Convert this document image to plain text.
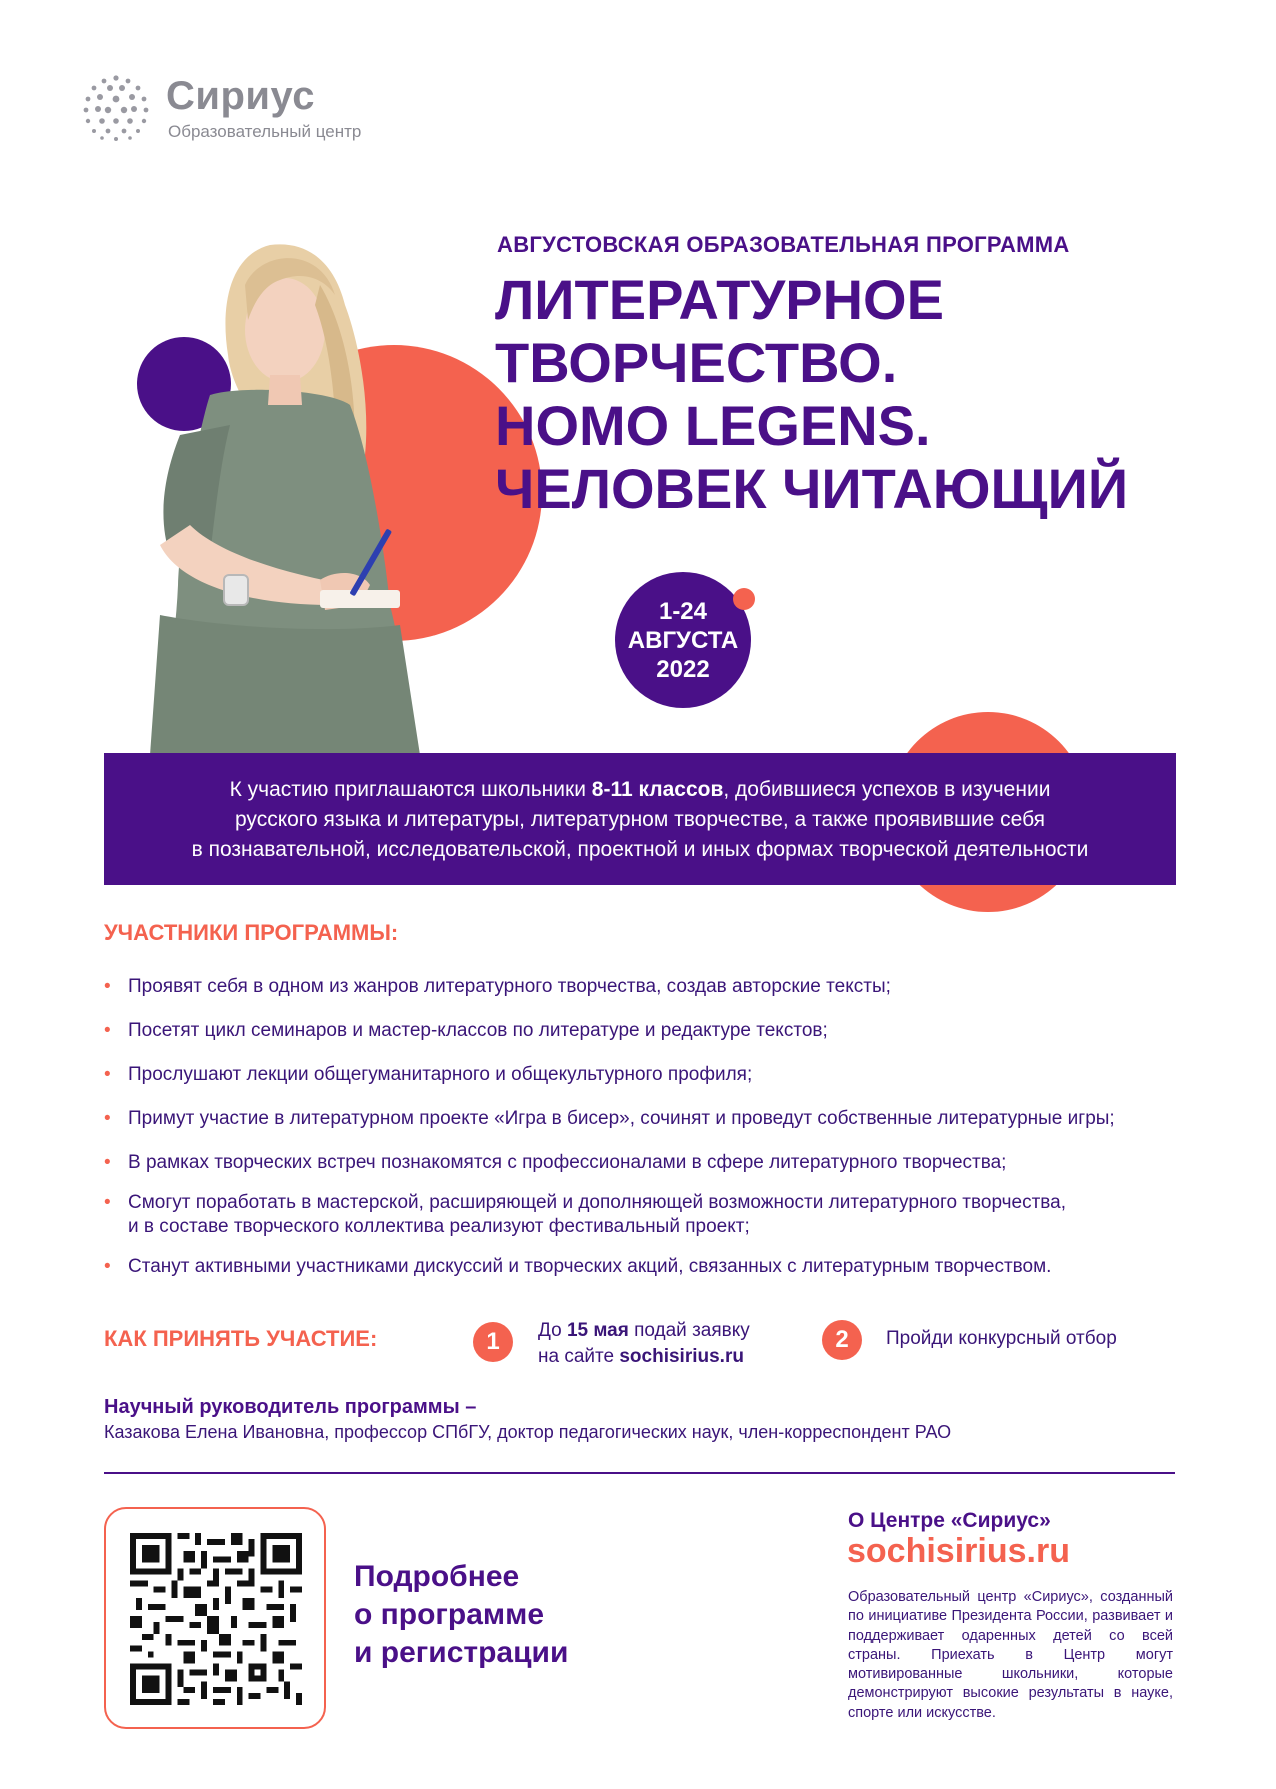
Сириус
Образовательный центр
АВГУСТОВСКАЯ ОБРАЗОВАТЕЛЬНАЯ ПРОГРАММА
ЛИТЕРАТУРНОЕ
ТВОРЧЕСТВО.
HOMO LEGENS.
ЧЕЛОВЕК ЧИТАЮЩИЙ
1-24
АВГУСТА
2022
К участию приглашаются школьники 8-11 классов, добившиеся успехов в изучении
русского языка и литературы, литературном творчестве, а также проявившие себя
в познавательной, исследовательской, проектной и иных формах творческой деятельности
УЧАСТНИКИ ПРОГРАММЫ:
• Проявят себя в одном из жанров литературного творчества, создав авторские тексты;
• Посетят цикл семинаров и мастер-классов по литературе и редактуре текстов;
• Прослушают лекции общегуманитарного и общекультурного профиля;
• Примут участие в литературном проекте «Игра в бисер», сочинят и проведут собственные литературные игры;
• В рамках творческих встреч познакомятся с профессионалами в сфере литературного творчества;
• Смогут поработать в мастерской, расширяющей и дополняющей возможности литературного творчества,
и в составе творческого коллектива реализуют фестивальный проект;
• Станут активными участниками дискуссий и творческих акций, связанных с литературным творчеством.
КАК ПРИНЯТЬ УЧАСТИЕ:	1	До 15 мая подай заявку
на сайте sochisirius.ru
2	Пройди конкурсный отбор
Научный руководитель программы –
Казакова Елена Ивановна, профессор СПбГУ, доктор педагогических наук, член-корреспондент РАО
Подробнее
о программе
и регистрации
О Центре «Сириус»
sochisirius.ru
Образовательный центр «Сириус», созданный по инициативе Президента России, развивает и поддерживает одаренных детей со всей страны. Приехать в Центр могут мотивированные школьники, которые демонстрируют высокие результаты в науке, спорте или искусстве.
